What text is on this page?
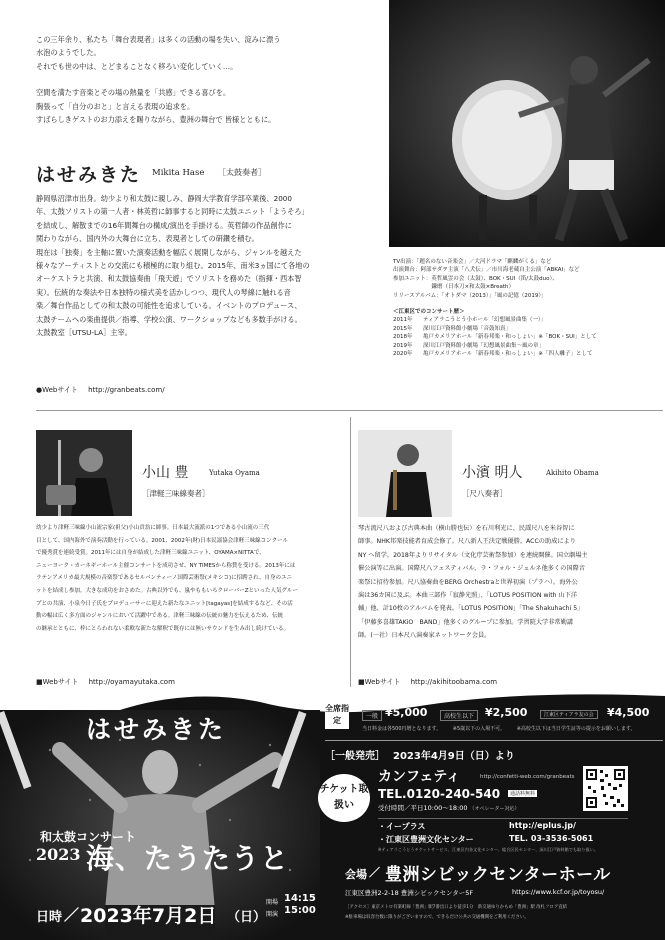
この三年余り、私たち「舞台表現者」は多くの活動の場を失い、淀みに漂う
水泡のようでした。
それでも世の中は、とどまることなく移ろい変化していく…。
空間を満たす音楽とその場の熱量を「共感」できる喜びを。
胸張って「自分のおと」と言える表現の追求を。
すばらしきゲストのお力添えを賜りながら、豊洲の舞台で 皆様とともに。
はせみきた Mikita Hase ［太鼓奏者］
静岡県沼津市出身。幼少より和太鼓に親しみ、静岡大学教育学部卒業後、2000
年、太鼓ソリストの第一人者・林英哲に師事すると同時に太鼓ユニット「ようそろ」
を結成し、解散までの16年間舞台の構成/演出を手掛ける。英哲師の作品創作に
関わりながら、国内外の大舞台に立ち、表現者としての研鑽を積む。
現在は「独奏」を主軸に置いた演奏活動を幅広く展開しながら、ジャンルを越えた
様々なアーティストとの交流にも積極的に取り組む。2015年、南米3ヵ国にて各地の
オーケストラと共演、和太鼓協奏曲「飛天遊」でソリストを務めた（指揮・西本智
実）。伝統的な奏法や日本独特の様式美を活かしつつ、現代人の琴線に触れる音
楽／舞台作品としての和太鼓の可能性を追求している。イベントのプロデュース、
太鼓チームへの楽曲提供／指導、学校公演、ワークショップなども多数手がける。
太鼓教室［UTSU-LA］主宰。
●Webサイト http://granbeats.com/
TV出演：「題名のない音楽会」／大河ドラマ「麒麟がくる」など
出演舞台：阿部サダヲ主演「八犬伝」／市川海老蔵自主公演「ABKAI」など
参加ユニット：英哲風雲の会（太鼓）、BOK・SUI（笛/太鼓duo）、
　　　　　　　鎌磨（日本刀×和太鼓×Breath）
リリースアルバム：「オトダマ（2013）」「風の記憶（2019）」
＜江東区でのコンサート歴＞
2011年 ティアラこうとう小ホール「幻想風景曲集（一）」
2015年 深川江戸資料館小劇場「音鼓知真」
2018年 亀戸カメリアホール「新春邦楽・和っしょい」※「BOK・SUI」として
2019年 深川江戸資料館小劇場「幻想風景曲集〜風の章」
2020年 亀戸カメリアホール「新春邦楽・和っしょい」※「四人囃子」として
小山 豊	Yutaka Oyama
［津軽三味線奏者］
幼少より津軽三味線小山流宗家(祖父)小山貢翁に師事。日本最大流派の1つである小山流の三代
目として、国内海外で演奏活動を行っている。2001、2002年(財)日本民謡協会津軽三味線コンクール
で優秀賞を連続受賞。2011年には自身が結成した津軽三味線ユニット、OYAMA×NITTAで、
ニューヨーク・カーネギーホール主催コンサートを成功させ、NY TIMESから称賛を受ける。2013年には
ラテンアメリカ最大規模の音楽祭であるセルバンティーノ国際芸術祭(メキシコ)に招聘され、自身のユニ
ットを結成し参加。大きな成功をおさめた。古典以外でも、嵐やももいろクローバーZといった人気グルー
プとの共演、小泉今日子氏をプロデューサーに迎えた新たなユニット[tagayas]を結成するなど、その活
動の幅は広く多方面のジャンルにおいて活躍中である。津軽三味線の伝統の魅力を伝えるため、伝統
の継承とともに、枠にとらわれない柔軟な新たな解釈で既存には無いサウンドを生み出し続けている。
■Webサイト http://oyamayutaka.com
小濱 明人	Akihito Obama
［尺八奏者］
琴古流尺八および古典本曲（横山勝也伝）を石川利光に、民謡尺八を米谷智に
師事。NHK邦楽技能者育成会修了。尺八新人王決定戦優勝。ACCの助成により
NY へ留学。2018年よりリサイタル（文化庁芸術祭参加）を連続開催。国立劇場主
催公演等に出演。国際尺八フェスティバル、ラ・フォル・ジュルネ他多くの国際音
楽祭に招待参加。尺八協奏曲をBERG Orchestraと世界初演（プラハ）。海外公
演は36カ国に及ぶ。本曲三部作「寂静光照」、「LOTUS POSITION with 山下洋
輔」他、計10枚のアルバムを発表。「LOTUS POSITION」「The Shakuhachi 5」
「伊藤多喜雄TAKiO　BAND」他多くのグループに参加。学習院大学非常勤講
師。(一社）日本尺八演奏家ネットワーク会員。
■Webサイト http://akihitoobama.com
はせみきた
和太鼓コンサート
2023 海、たうたうと
日時 ／ 2023年7月2日 （日）
開場 14:15
開演 15:00
全席指定	一般 ¥5,000	高校生以下 ¥2,500	江東区ティアラ友の会	¥4,500
当日料金は各500円増となります。 ※5歳以下の入場不可。 ※高校生以下は当日学生証等の提示をお願いします。
［一般発売］ 2023年4月9日（日）より
チケット取扱い
カンフェティ	http://confetti-web.com/granbeats
TEL.0120-240-540	通話料無料
受付時間／平日10:00〜18:00 （オペレーター対応）
・イープラス	http://eplus.jp/
・江東区豊洲文化センター	TEL. 03-3536-5061
※ティアラこうとうチケットサービス、江東区内各文化センター、総合区民センター、深川江戸資料館でも取り扱い。
会場 ／ 豊洲シビックセンターホール
江東区豊洲2-2-18 豊洲シビックセンター5F	https://www.kcf.or.jp/toyosu/
［アクセス］東京メトロ有楽町線「豊洲」駅7番出口より徒歩1分　新交通ゆりかもめ「豊洲」駅 改札フロア直結
※駐車場は収容台数に限りがございますので、できるだけ公共の交通機関をご利用ください。
